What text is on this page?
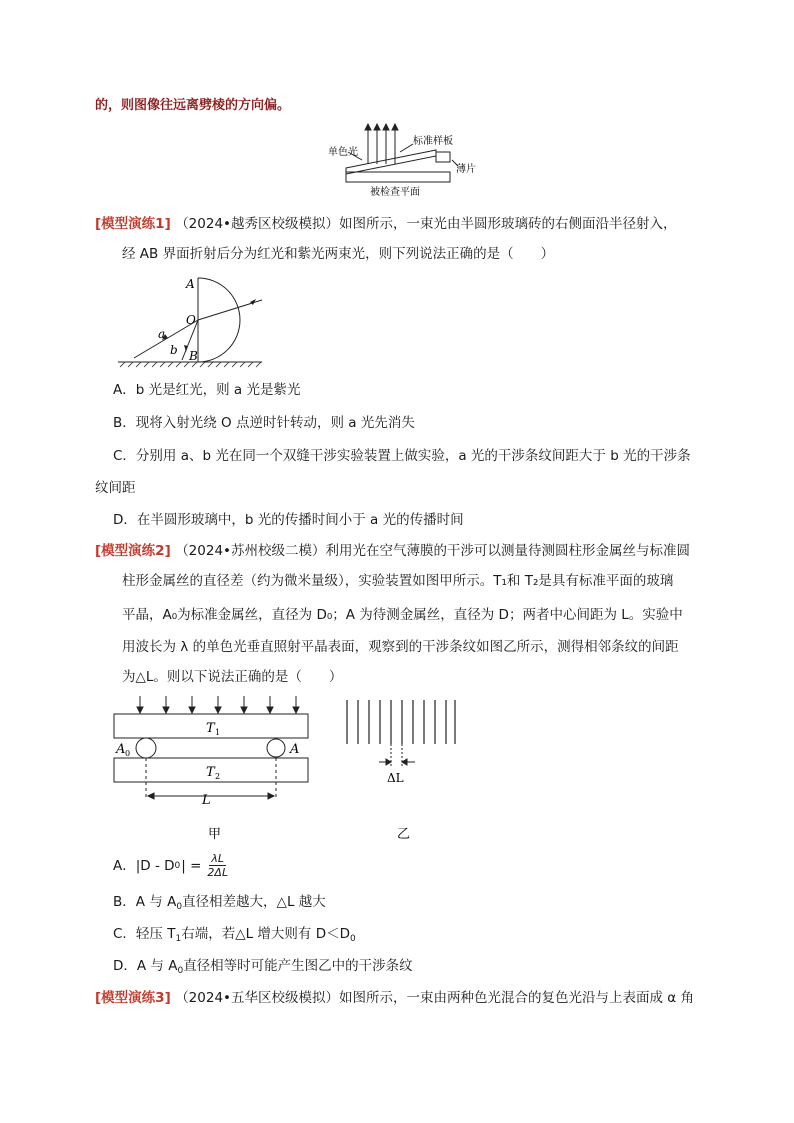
的，则图像往远离劈棱的方向偏。
单色光
标准样板
薄片
被检查平面
[模型演练1] （2024•越秀区校级模拟）如图所示，一束光由半圆形玻璃砖的右侧面沿半径射入，
经 AB 界面折射后分为红光和紫光两束光，则下列说法正确的是（　　）
A
O
B
a
b
A．b 光是红光，则 a 光是紫光
B．现将入射光绕 O 点逆时针转动，则 a 光先消失
C．分别用 a、b 光在同一个双缝干涉实验装置上做实验，a 光的干涉条纹间距大于 b 光的干涉条
纹间距
D．在半圆形玻璃中，b 光的传播时间小于 a 光的传播时间
[模型演练2] （2024•苏州校级二模）利用光在空气薄膜的干涉可以测量待测圆柱形金属丝与标准圆
柱形金属丝的直径差（约为微米量级），实验装置如图甲所示。T₁和 T₂是具有标准平面的玻璃
平晶，A₀为标准金属丝，直径为 D₀；A 为待测金属丝，直径为 D；两者中心间距为 L。实验中
用波长为 λ 的单色光垂直照射平晶表面，观察到的干涉条纹如图乙所示，测得相邻条纹的间距
为△L。则以下说法正确的是（　　）
T 1
T 2
A 0	A
L
甲
ΔL
乙
A．|D - D 0 | = $\frac{\lambda L}{2\Delta L}$
B．A 与 $A_0$直径相差越大，△L 越大
C．轻压 $T_1$右端，若△L 增大则有 $D<D_0$
D．A 与 $A_0$直径相等时可能产生图乙中的干涉条纹
[模型演练3] （2024•五华区校级模拟）如图所示，一束由两种色光混合的复色光沿与上表面成 α 角
